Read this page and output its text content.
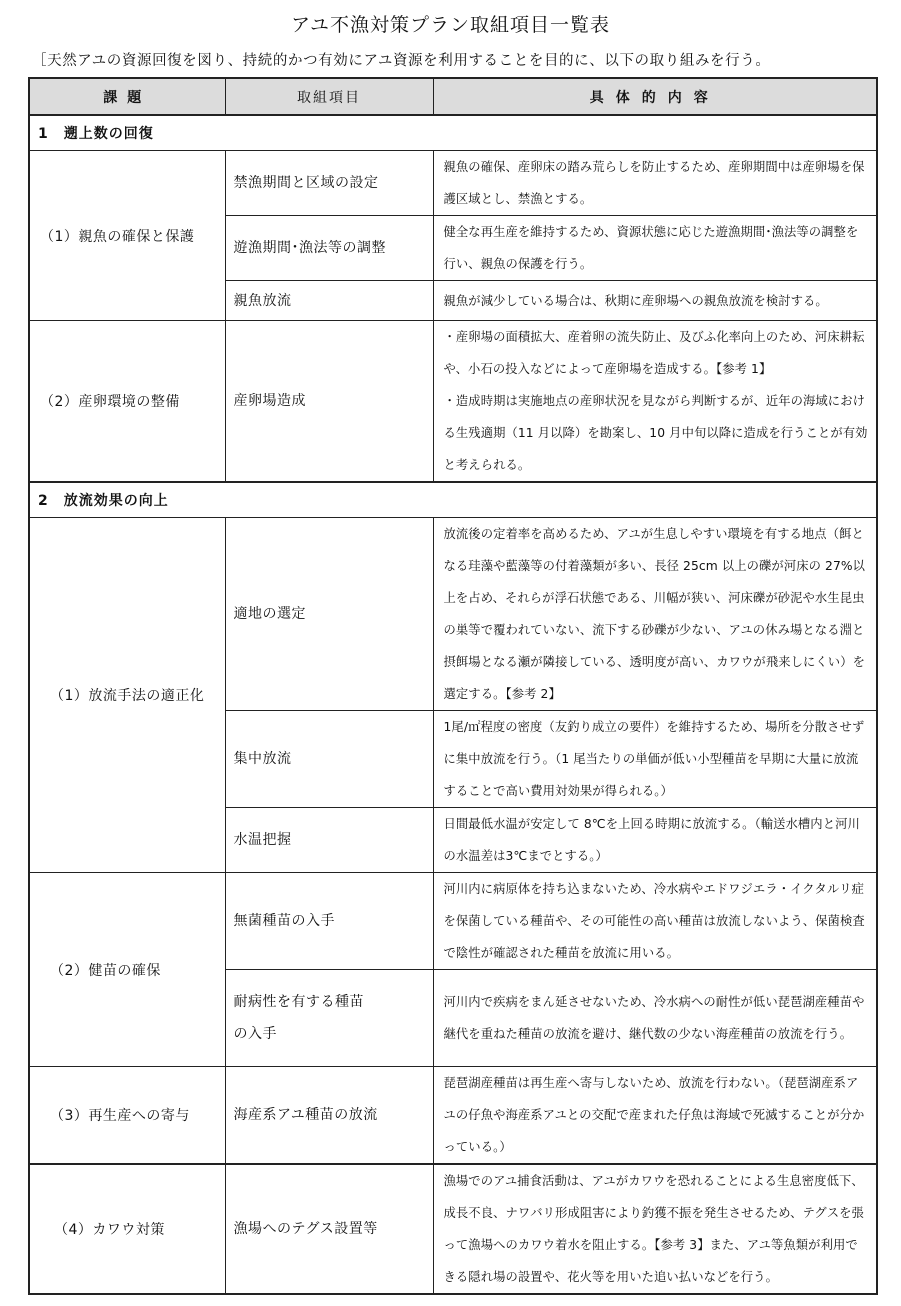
アユ不漁対策プラン取組項目一覧表
［天然アユの資源回復を図り、持続的かつ有効にアユ資源を利用することを目的に、以下の取り組みを行う。
課題	取組項目	具体的内容
1　遡上数の回復		
（1）親魚の確保と保護	禁漁期間と区域の設定	親魚の確保、産卵床の踏み荒らしを防止するため、産卵期間中は産卵場を保護区域とし、禁漁とする。
	遊漁期間･漁法等の調整	健全な再生産を維持するため、資源状態に応じた遊漁期間･漁法等の調整を行い、親魚の保護を行う。
	親魚放流	親魚が減少している場合は、秋期に産卵場への親魚放流を検討する。
（2）産卵環境の整備	産卵場造成	・産卵場の面積拡大、産着卵の流失防止、及びふ化率向上のため、河床耕耘や、小石の投入などによって産卵場を造成する。【参考 1】
・造成時期は実施地点の産卵状況を見ながら判断するが、近年の海域における生残適期（11 月以降）を勘案し、10 月中旬以降に造成を行うことが有効と考えられる。
2　放流効果の向上		
（1）放流手法の適正化	適地の選定	放流後の定着率を高めるため、アユが生息しやすい環境を有する地点（餌となる珪藻や藍藻等の付着藻類が多い、長径 25cm 以上の礫が河床の 27%以上を占め、それらが浮石状態である、川幅が狭い、河床礫が砂泥や水生昆虫の巣等で覆われていない、流下する砂礫が少ない、アユの休み場となる淵と摂餌場となる瀬が隣接している、透明度が高い、カワウが飛来しにくい）を選定する。【参考 2】
	集中放流	1尾/㎡程度の密度（友釣り成立の要件）を維持するため、場所を分散させずに集中放流を行う。（1 尾当たりの単価が低い小型種苗を早期に大量に放流することで高い費用対効果が得られる。）
	水温把握	日間最低水温が安定して 8℃を上回る時期に放流する。（輸送水槽内と河川の水温差は3℃までとする。）
（2）健苗の確保	無菌種苗の入手	河川内に病原体を持ち込まないため、冷水病やエドワジエラ・イクタルリ症を保菌している種苗や、その可能性の高い種苗は放流しないよう、保菌検査で陰性が確認された種苗を放流に用いる。
	耐病性を有する種苗の入手	河川内で疾病をまん延させないため、冷水病への耐性が低い琵琶湖産種苗や継代を重ねた種苗の放流を避け、継代数の少ない海産種苗の放流を行う。
（3）再生産への寄与	海産系アユ種苗の放流	琵琶湖産種苗は再生産へ寄与しないため、放流を行わない。（琵琶湖産系アユの仔魚や海産系アユとの交配で産まれた仔魚は海域で死滅することが分かっている。）
（4）カワウ対策	漁場へのテグス設置等	漁場でのアユ捕食活動は、アユがカワウを恐れることによる生息密度低下、成長不良、ナワバリ形成阻害により釣獲不振を発生させるため、テグスを張って漁場へのカワウ着水を阻止する。【参考 3】また、アユ等魚類が利用できる隠れ場の設置や、花火等を用いた追い払いなどを行う。
